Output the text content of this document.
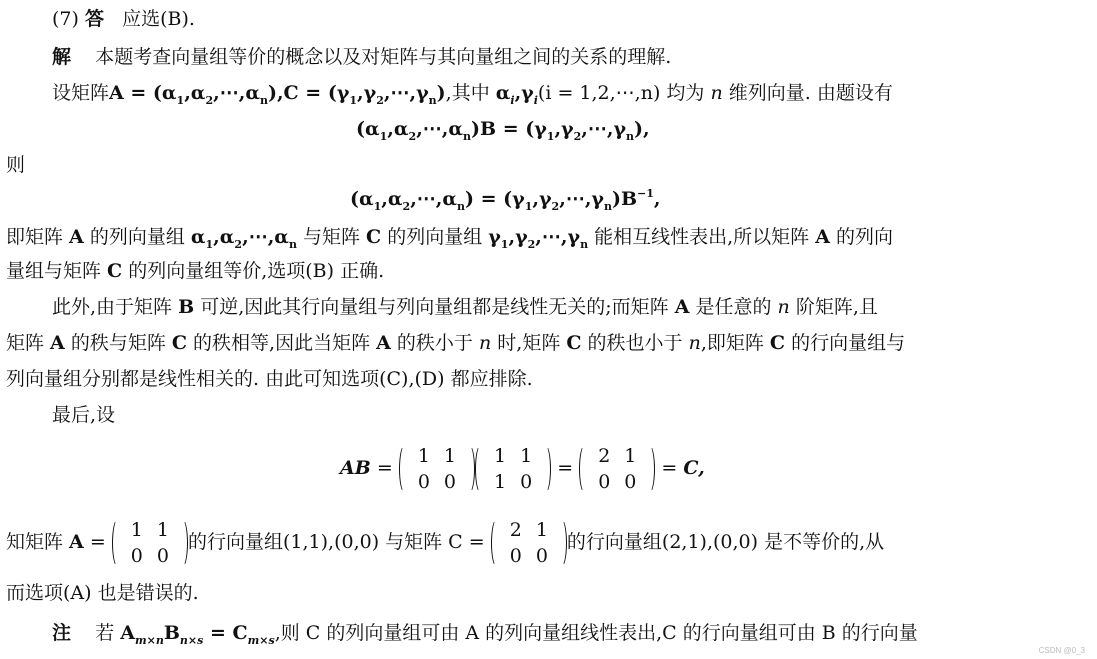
(7) 答 应选(B).
解 本题考查向量组等价的概念以及对矩阵与其向量组之间的关系的理解.
设矩阵$A = (\alpha_1,\alpha_2,\cdots,\alpha_n),C$ = $(\gamma_1,\gamma_2,\cdots,\gamma_n)$,其中 $\alpha_i,\gamma_i(i$ = 1,2,⋯,n) 均为 n 维列向量. 由题设有
$(\alpha_1,\alpha_2,\cdots,\alpha_n)B$ = $(\gamma_1,\gamma_2,\cdots,\gamma_n)$,
则
$(\alpha_1,\alpha_2,\cdots,\alpha_n)$ = $(\gamma_1,\gamma_2,\cdots,\gamma_n)B^{-1}$,
即矩阵 A 的列向量组 $\alpha_1,\alpha_2,\cdots,\alpha_n$ 与矩阵 C 的列向量组 $\gamma_1,\gamma_2,\cdots,\gamma_n$ 能相互线性表出,所以矩阵 A 的列向
量组与矩阵 C 的列向量组等价,选项(B) 正确.
此外,由于矩阵 B 可逆,因此其行向量组与列向量组都是线性无关的;而矩阵 A 是任意的 n 阶矩阵,且
矩阵 A 的秩与矩阵 C 的秩相等,因此当矩阵 A 的秩小于 n 时,矩阵 C 的秩也小于 n,即矩阵 C 的行向量组与
列向量组分别都是线性相关的. 由此可知选项(C),(D) 都应排除.
最后,设
AB =
1	1
0	0
1	1
1	0
=
2	1
0	0
= C,
知矩阵 A =
1	1
0	0
的行向量组(1,1),(0,0) 与矩阵 C =
2	1
0	0
的行向量组(2,1),(0,0) 是不等价的,从
而选项(A) 也是错误的.
注 若 $A_{m\times n}B_{n\times s} = C_{m\times s}$,则 C 的列向量组可由 A 的列向量组线性表出,C 的行向量组可由 B 的行向量
CSDN @0_3
